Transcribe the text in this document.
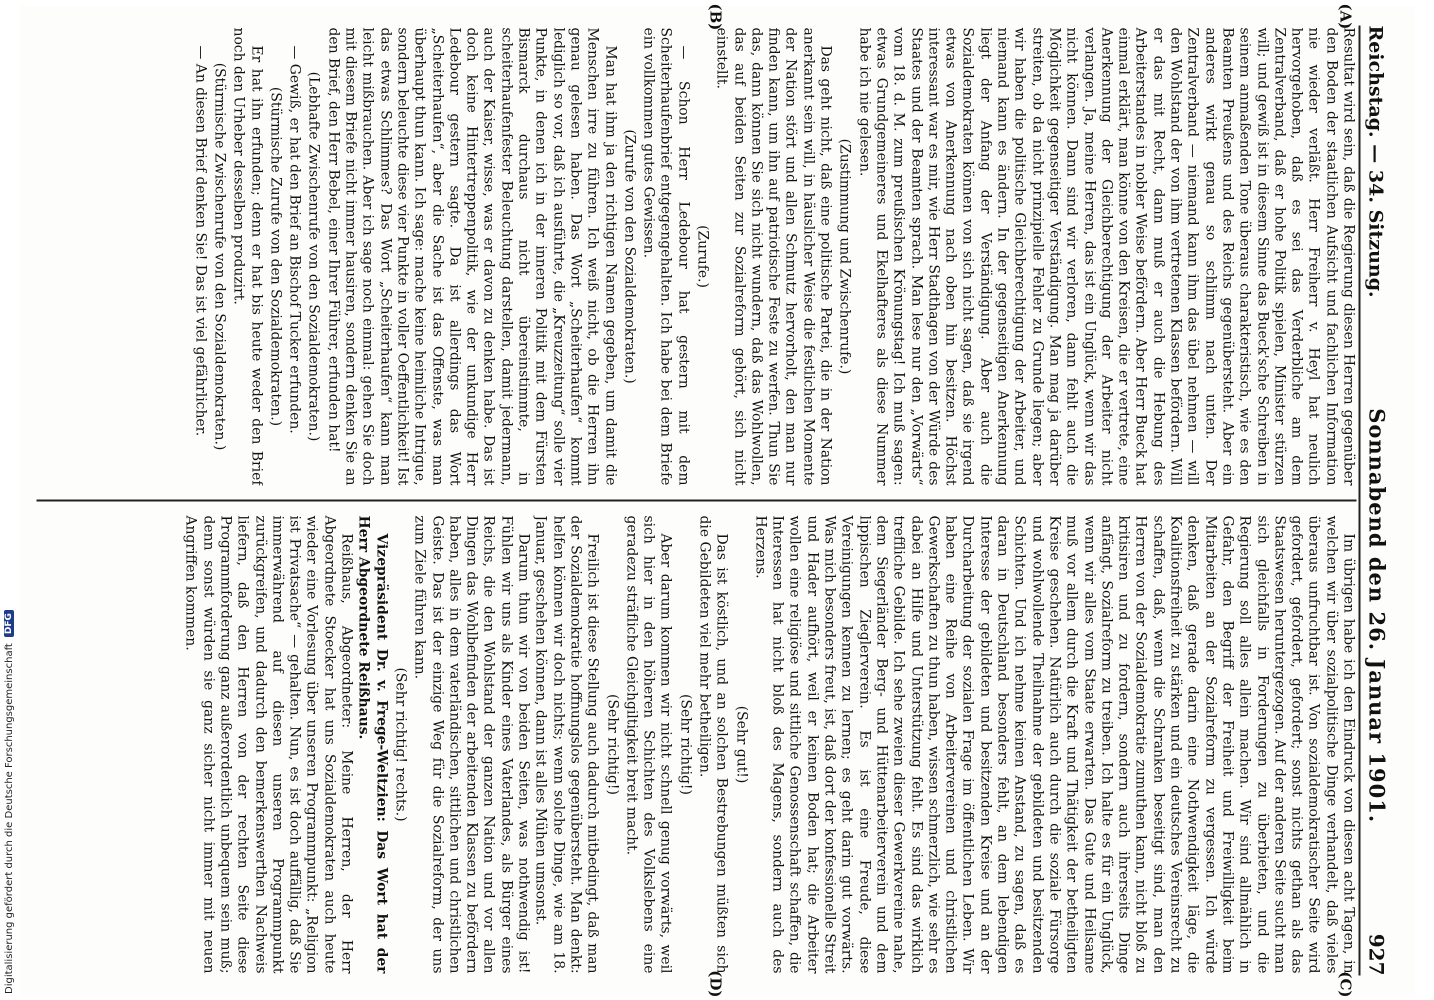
Reichstag. — 34. Sitzung.
Sonnabend den 26. Januar 1901.
927
(A)
(B)
(C)
(D)

Resultat wird sein, daß die Regierung diesen Herren gegenüber den Boden der staatlichen Aufsicht und fachlichen Information nie wieder verläßt. Herr Freiherr v. Heyl hat neulich hervorgehoben, daß es sei das Verderbliche am dem Zentralverband, daß er hohe Politik spielen, Minister stürzen will; und gewiß ist in diesem Sinne das Bueck'sche Schreiben in seinem anmaßenden Tone überaus charakteristisch, wie es den Beamten Preußens und des Reichs gegenübersteht. Aber ein anderes wirkt genau so schlimm nach unten. Der Zentralverband — niemand kann ihm das übel nehmen — will den Wohlstand der von ihm vertretenen Klassen befördern. Will er das mit Recht, dann muß er auch die Hebung des Arbeiterstandes in nobler Weise befördern. Aber Herr Bueck hat einmal erklärt, man könne von den Kreisen, die er vertrete, eine Anerkennung der Gleichberechtigung der Arbeiter nicht verlangen. Ja, meine Herren, das ist ein Unglück, wenn wir das nicht können. Dann sind wir verloren, dann fehlt auch die Möglichkeit gegenseitiger Verständigung. Man mag ja darüber streiten, ob da nicht prinzipielle Fehler zu Grunde liegen; aber wir haben die politische Gleichberechtigung der Arbeiter, und niemand kann es ändern. In der gegenseitigen Anerkennung liegt der Anfang der Verständigung. Aber auch die Sozialdemokraten können von sich nicht sagen, daß sie irgend etwas von Anerkennung nach oben hin besitzen. Höchst interessant war es mir, wie Herr Stadthagen von der Würde des Staates und der Beamten sprach. Man lese nur den „Vorwärts“ vom 18. d. M. zum preußischen Krönungstag! Ich muß sagen: etwas Grundgemeineres und Ekelhafteres als diese Nummer habe ich nie gelesen.

(Zustimmung und Zwischenrufe.)

Das geht nicht, daß eine politische Partei, die in der Nation anerkannt sein will, in häuslicher Weise die festlichen Momente der Nation stört und allen Schmutz hervorholt, den man nur finden kann, um ihn auf patriotische Feste zu werfen. Thun Sie das, dann können Sie sich nicht wundern, daß das Wohlwollen, das auf beiden Seiten zur Sozialreform gehört, sich nicht einstellt.

(Zurufe.)

— Schon Herr Ledebour hat gestern mit dem Scheiterhaufenbrief entgegengehalten. Ich habe bei dem Briefe ein vollkommen gutes Gewissen.

(Zurufe von den Sozialdemokraten.)

Man hat ihm ja den richtigen Namen gegeben, um damit die Menschen irre zu führen. Ich weiß nicht, ob die Herren ihn genau gelesen haben. Das Wort „Scheiterhaufen“ kommt lediglich so vor, daß ich ausführte, die „Kreuzzeitung“ solle vier Punkte, in denen ich in der inneren Politik mit dem Fürsten Bismarck durchaus nicht übereinstimmte, in scheiterhaufenfester Beleuchtung darstellen, damit jedermann, auch der Kaiser, wisse, was er davon zu denken habe. Das ist doch keine Hintertreppenpolitik, wie der unkundige Herr Ledebour gestern sagte. Da ist allerdings das Wort „Scheiterhaufen“, aber die Sache ist das Offenste, was man überhaupt thun kann. Ich sage: mache keine heimliche Intrigue, sondern beleuchte diese vier Punkte in voller Oeffentlichkeit! Ist das etwas Schlimmes? Das Wort „Scheiterhaufen“ kann man leicht mißbrauchen. Aber ich sage noch einmal: gehen Sie doch mit diesem Briefe nicht immer hausiren, sondern denken Sie an den Brief, den Herr Bebel, einer Ihrer Führer, erfunden hat!

(Lebhafte Zwischenrufe von den Sozialdemokraten.)

— Gewiß, er hat den Brief an Bischof Tucker erfunden.

(Stürmische Zurufe von den Sozialdemokraten.)

Er hat ihn erfunden; denn er hat bis heute weder den Brief noch den Urheber desselben produzirt.

(Stürmische Zwischenrufe von den Sozialdemokraten.)

— An diesen Brief denken Sie! Das ist viel gefährlicher.

Im übrigen habe ich den Eindruck von diesen acht Tagen, in welchen wir über sozialpolitische Dinge verhandelt, daß vieles überaus unfruchtbar ist. Von sozialdemokratischer Seite wird gefordert, gefordert, gefordert; sonst nichts gethan als das Staatswesen heruntergezogen. Auf der anderen Seite sucht man sich gleichfalls in Forderungen zu überbieten, und die Regierung soll alles allein machen. Wir sind allmählich in Gefahr, den Begriff der Freiheit und Freiwilligkeit beim Mitarbeiten an der Sozialreform zu vergessen. Ich würde denken, daß gerade darin eine Nothwendigkeit läge, die Koalitionsfreiheit zu stärken und ein deutsches Vereinsrecht zu schaffen, daß, wenn die Schranken beseitigt sind, man den Herren von der Sozialdemokratie zumuthen kann, nicht bloß zu kritisiren und zu fordern, sondern auch ihrerseits Dinge anfängt, Sozialreform zu treiben. Ich halte es für ein Unglück, wenn wir alles vom Staate erwarten. Das Gute und Heilsame muß vor allem durch die Kraft und Thätigkeit der betheiligten Kreise geschehen. Natürlich auch durch die soziale Fürsorge und wohlwollende Theilnahme der gebildeten und besitzenden Schichten. Und ich nehme keinen Anstand, zu sagen, daß es daran in Deutschland besonders fehlt, an dem lebendigen Interesse der gebildeten und besitzenden Kreise und an der Durcharbeitung der sozialen Frage im öffentlichen Leben. Wir haben eine Reihe von Arbeitervereinen und christlichen Gewerkschaften zu thun haben, wissen schmerzlich, wie sehr es dabei an Hilfe und Unterstützung fehlt. Es sind das wirklich treffliche Gebilde. Ich sehe zweien dieser Gewerkvereine nahe, dem Siegerländer Berg- und Hüttenarbeiterverein und dem lippischen Zieglerverein. Es ist eine Freude, diese Vereinigungen kennen zu lernen; es geht darin gut vorwärts. Was mich besonders freut, ist, daß dort der konfessionelle Streit und Hader aufhört, weil er keinen Boden hat; die Arbeiter wollen eine religiöse und sittliche Genossenschaft schaffen, die Interessen hat nicht bloß des Magens, sondern auch des Herzens.

(Sehr gut!)

Das ist köstlich, und an solchen Bestrebungen müßten sich die Gebildeten viel mehr betheiligen.

(Sehr richtig!)

Aber darum kommen wir nicht schnell genug vorwärts, weil sich hier in den höheren Schichten des Volkslebens eine geradezu sträfliche Gleichgiltigkeit breit macht.

(Sehr richtig!)

Freilich ist diese Stellung auch dadurch mitbedingt, daß man der Sozialdemokratie hoffnungslos gegenübersteht. Man denkt: helfen können wir doch nichts; wenn solche Dinge, wie am 18. Januar, geschehen können, dann ist alles Mühen umsonst.

Darum thun wir von beiden Seiten, was nothwendig ist! Fühlen wir uns als Kinder eines Vaterlandes, als Bürger eines Reichs, die den Wohlstand der ganzen Nation und vor allen Dingen das Wohlbefinden der arbeitenden Klassen zu befördern haben, alles in dem vaterländischen, sittlichen und christlichen Geiste. Das ist der einzige Weg für die Sozialreform, der uns zum Ziele führen kann.

(Sehr richtig! rechts.)

Vizepräsident Dr. v. Frege-Weltzien: Das Wort hat der Herr Abgeordnete Reißhaus.

Reißhaus, Abgeordneter: Meine Herren, der Herr Abgeordnete Stoecker hat uns Sozialdemokraten auch heute wieder eine Vorlesung über unseren Programmpunkt: „Religion ist Privatsache“ — gehalten. Nun, es ist doch auffällig, daß Sie immerwährend auf diesen unseren Programmpunkt zurückgreifen, und dadurch den bemerkenswerthen Nachweis liefern, daß den Herren von der rechten Seite diese Programmforderung ganz außerordentlich unbequem sein muß; denn sonst würden sie ganz sicher nicht immer mit neuen Angriffen kommen.

Digitalisierung gefördert durch die Deutsche Forschungsgemeinschaft
DFG
